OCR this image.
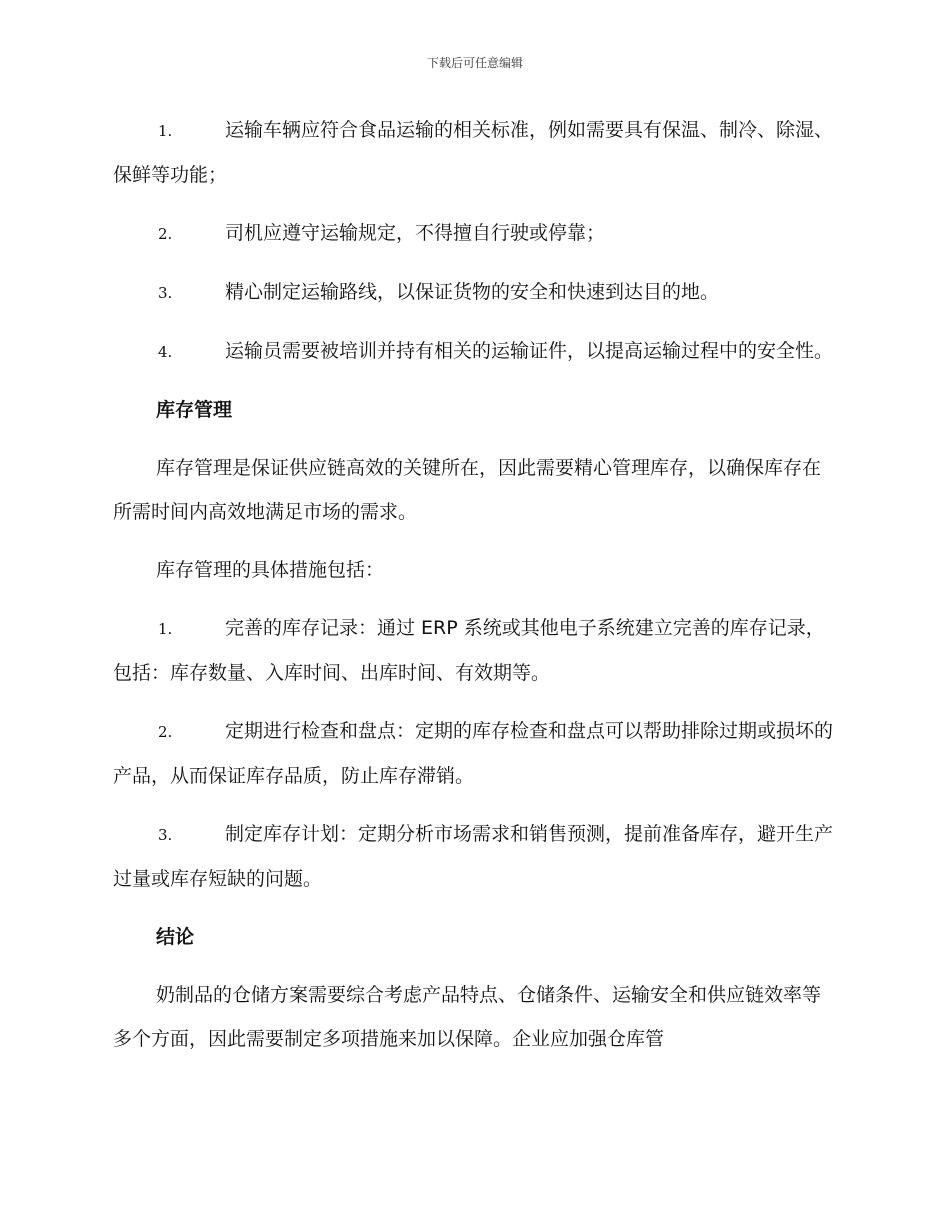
下载后可任意编辑
1.	运输车辆应符合食品运输的相关标准，例如需要具有保温、制冷、除湿、保鲜等功能；
2.	司机应遵守运输规定，不得擅自行驶或停靠；
3.	精心制定运输路线，以保证货物的安全和快速到达目的地。
4.	运输员需要被培训并持有相关的运输证件，以提高运输过程中的安全性。
库存管理
库存管理是保证供应链高效的关键所在，因此需要精心管理库存，以确保库存在所需时间内高效地满足市场的需求。
库存管理的具体措施包括：
1.	完善的库存记录：通过 ERP 系统或其他电子系统建立完善的库存记录，包括：库存数量、入库时间、出库时间、有效期等。
2.	定期进行检查和盘点：定期的库存检查和盘点可以帮助排除过期或损坏的产品，从而保证库存品质，防止库存滞销。
3.	制定库存计划：定期分析市场需求和销售预测，提前准备库存，避开生产过量或库存短缺的问题。
结论
奶制品的仓储方案需要综合考虑产品特点、仓储条件、运输安全和供应链效率等多个方面，因此需要制定多项措施来加以保障。企业应加强仓库管
